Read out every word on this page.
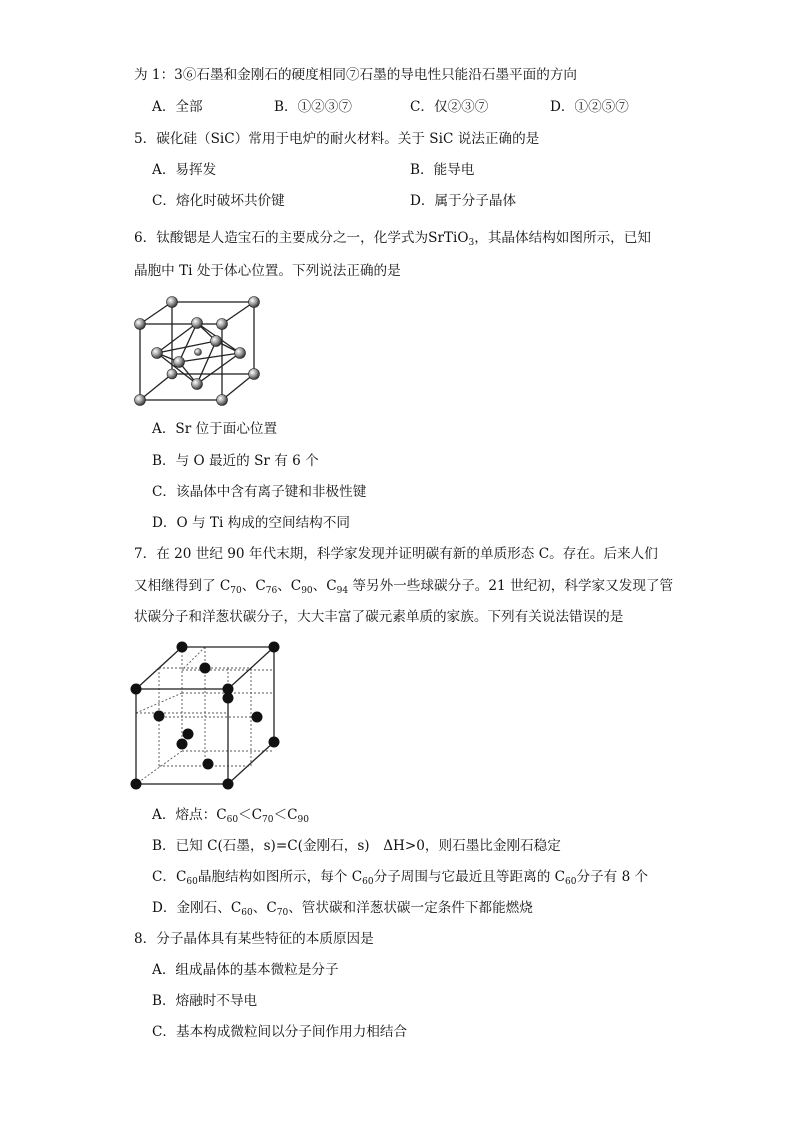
为 1：3⑥石墨和金刚石的硬度相同⑦石墨的导电性只能沿石墨平面的方向
A．全部	B．①②③⑦	C．仅②③⑦	D．①②⑤⑦
5．碳化硅（SiC）常用于电炉的耐火材料。关于 SiC 说法正确的是
A．易挥发	B．能导电
C．熔化时破坏共价键	D．属于分子晶体
6．钛酸锶是人造宝石的主要成分之一，化学式为SrTiO$_3$，其晶体结构如图所示，已知
晶胞中 Ti 处于体心位置。下列说法正确的是
A．Sr 位于面心位置
B．与 O 最近的 Sr 有 6 个
C．该晶体中含有离子键和非极性键
D．O 与 Ti 构成的空间结构不同
7．在 20 世纪 90 年代末期，科学家发现并证明碳有新的单质形态 C。存在。后来人们
又相继得到了 $C_{70}$、$C_{76}$、$C_{90}$、$C_{94}$ 等另外一些球碳分子。21 世纪初，科学家又发现了管
状碳分子和洋葱状碳分子，大大丰富了碳元素单质的家族。下列有关说法错误的是
A．熔点：$C_{60}<C_{70}<C_{90}$
B．已知 C(石墨，s)=C(金刚石，s)　ΔH>0，则石墨比金刚石稳定
C．$C_{60}$晶胞结构如图所示，每个 $C_{60}$分子周围与它最近且等距离的 $C_{60}$分子有 8 个
D．金刚石、$C_{60}$、$C_{70}$、管状碳和洋葱状碳一定条件下都能燃烧
8．分子晶体具有某些特征的本质原因是
A．组成晶体的基本微粒是分子
B．熔融时不导电
C．基本构成微粒间以分子间作用力相结合
